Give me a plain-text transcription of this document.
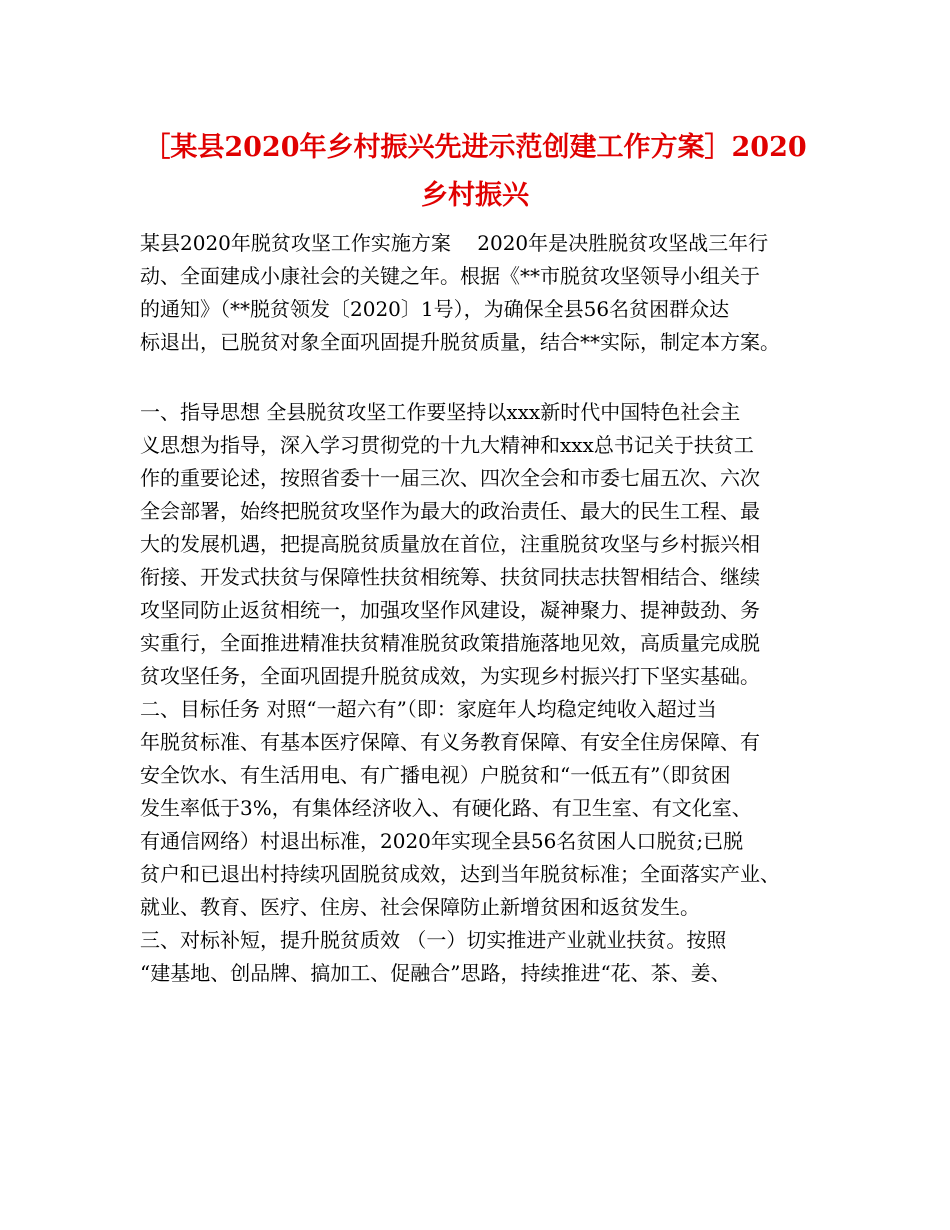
［某县2020年乡村振兴先进示范创建工作方案］2020
乡村振兴
某县2020年脱贫攻坚工作实施方案　 2020年是决胜脱贫攻坚战三年行
动、全面建成小康社会的关键之年。根据《**市脱贫攻坚领导小组关于
的通知》（**脱贫领发〔2020〕1号），为确保全县56名贫困群众达
标退出，已脱贫对象全面巩固提升脱贫质量，结合**实际，制定本方案。
一、指导思想 全县脱贫攻坚工作要坚持以xxx新时代中国特色社会主
义思想为指导，深入学习贯彻党的十九大精神和xxx总书记关于扶贫工
作的重要论述，按照省委十一届三次、四次全会和市委七届五次、六次
全会部署，始终把脱贫攻坚作为最大的政治责任、最大的民生工程、最
大的发展机遇，把提高脱贫质量放在首位，注重脱贫攻坚与乡村振兴相
衔接、开发式扶贫与保障性扶贫相统筹、扶贫同扶志扶智相结合、继续
攻坚同防止返贫相统一，加强攻坚作风建设，凝神聚力、提神鼓劲、务
实重行，全面推进精准扶贫精准脱贫政策措施落地见效，高质量完成脱
贫攻坚任务，全面巩固提升脱贫成效，为实现乡村振兴打下坚实基础。
二、目标任务 对照“一超六有”（即：家庭年人均稳定纯收入超过当
年脱贫标准、有基本医疗保障、有义务教育保障、有安全住房保障、有
安全饮水、有生活用电、有广播电视）户脱贫和“一低五有”（即贫困
发生率低于3%，有集体经济收入、有硬化路、有卫生室、有文化室、
有通信网络）村退出标准，2020年实现全县56名贫困人口脱贫;已脱
贫户和已退出村持续巩固脱贫成效，达到当年脱贫标准；全面落实产业、
就业、教育、医疗、住房、社会保障防止新增贫困和返贫发生。
三、对标补短，提升脱贫质效 （一）切实推进产业就业扶贫。按照
“建基地、创品牌、搞加工、促融合”思路，持续推进“花、茶、姜、
